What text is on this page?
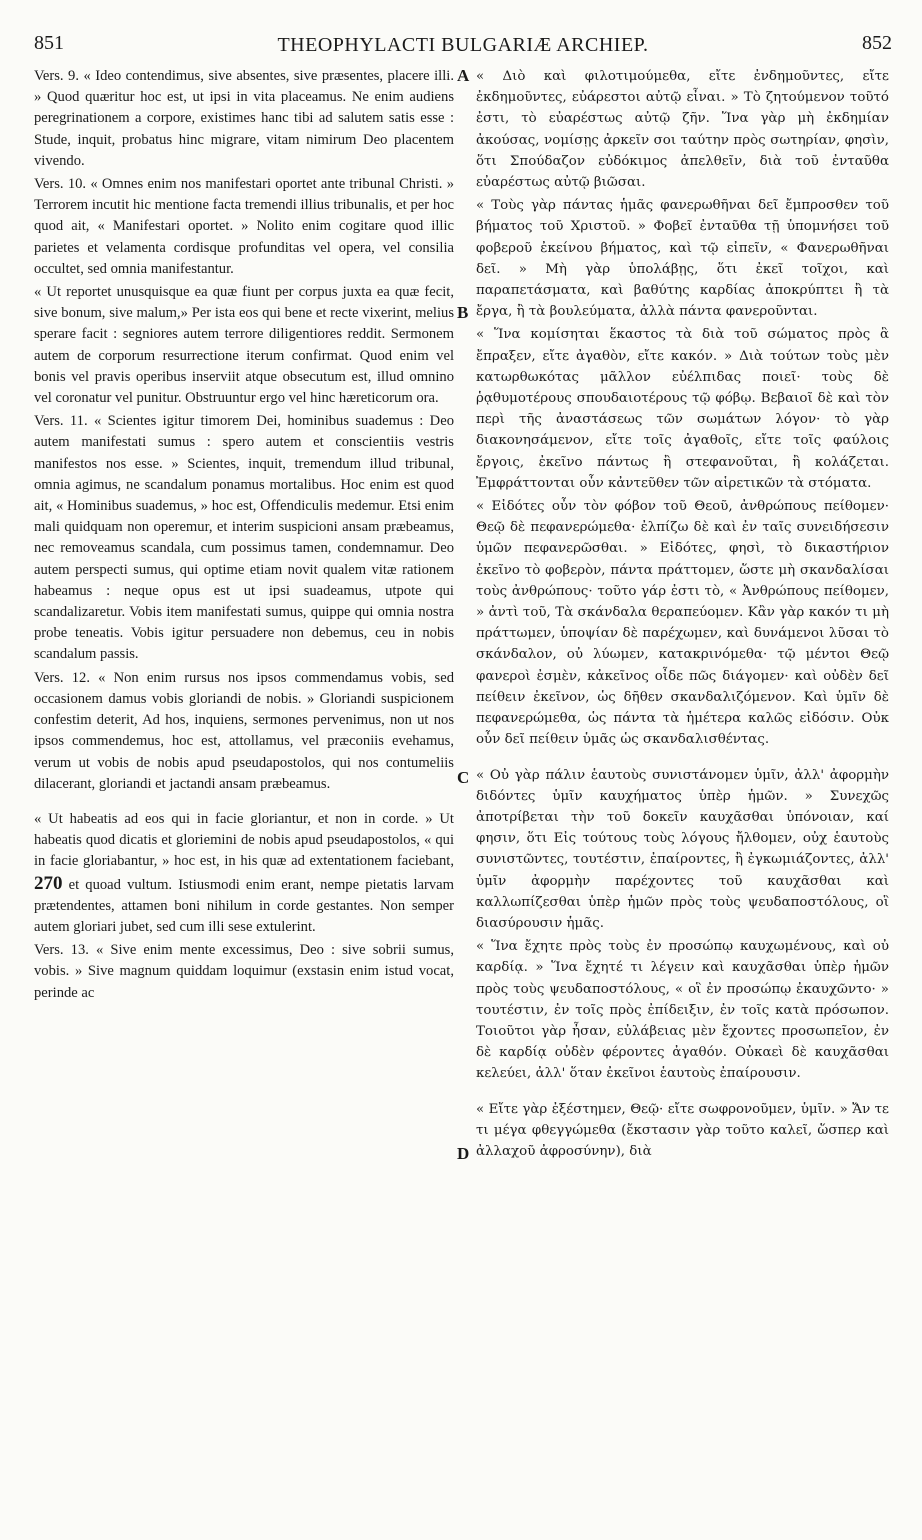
851	THEOPHYLACTI BULGARIÆ ARCHIEP.	852
A
B
C
D

Vers. 9. « Ideo contendimus, sive absentes, sive præsentes, placere illi. » Quod quæritur hoc est, ut ipsi in vita placeamus. Ne enim audiens peregrinationem a corpore, existimes hanc tibi ad salutem satis esse : Stude, inquit, probatus hinc migrare, vitam nimirum Deo placentem vivendo.

Vers. 10. « Omnes enim nos manifestari oportet ante tribunal Christi. » Terrorem incutit hic mentione facta tremendi illius tribunalis, et per hoc quod ait, « Manifestari oportet. » Nolito enim cogitare quod illic parietes et velamenta cordisque profunditas vel opera, vel consilia occultet, sed omnia manifestantur.

« Ut reportet unusquisque ea quæ fiunt per corpus juxta ea quæ fecit, sive bonum, sive malum,» Per ista eos qui bene et recte vixerint, melius sperare facit : segniores autem terrore diligentiores reddit. Sermonem autem de corporum resurrectione iterum confirmat. Quod enim vel bonis vel pravis operibus inserviit atque obsecutum est, illud omnino vel coronatur vel punitur. Obstruuntur ergo vel hinc hæreticorum ora.

Vers. 11. « Scientes igitur timorem Dei, hominibus suademus : Deo autem manifestati sumus : spero autem et conscientiis vestris manifestos nos esse. » Scientes, inquit, tremendum illud tribunal, omnia agimus, ne scandalum ponamus mortalibus. Hoc enim est quod ait, « Hominibus suademus, » hoc est, Offendiculis medemur. Etsi enim mali quidquam non operemur, et interim suspicioni ansam præbeamus, nec removeamus scandala, cum possimus tamen, condemnamur. Deo autem perspecti sumus, qui optime etiam novit qualem vitæ rationem habeamus : neque opus est ut ipsi suadeamus, utpote qui scandalizaretur. Vobis item manifestati sumus, quippe qui omnia nostra probe teneatis. Vobis igitur persuadere non debemus, ceu in nobis scandalum passis.

Vers. 12. « Non enim rursus nos ipsos commendamus vobis, sed occasionem damus vobis gloriandi de nobis. » Gloriandi suspicionem confestim deterit, Ad hos, inquiens, sermones pervenimus, non ut nos ipsos commendemus, hoc est, attollamus, vel præconiis evehamus, verum ut vobis de nobis apud pseudapostolos, qui nos contumeliis dilacerant, gloriandi et jactandi ansam præbeamus.

« Ut habeatis ad eos qui in facie gloriantur, et non in corde. » Ut habeatis quod dicatis et gloriemini de nobis apud pseudapostolos, « qui in facie gloriabantur, » hoc est, in his quæ ad extentationem faciebant, 270 et quoad vultum. Istiusmodi enim erant, nempe pietatis larvam prætendentes, attamen boni nihilum in corde gestantes. Non semper autem gloriari jubet, sed cum illi sese extulerint.

Vers. 13. « Sive enim mente excessimus, Deo : sive sobrii sumus, vobis. » Sive magnum quiddam loquimur (exstasin enim istud vocat, perinde ac

« Διὸ καὶ φιλοτιμούμεθα, εἴτε ἐνδημοῦντες, εἴτε ἐκδημοῦντες, εὐάρεστοι αὐτῷ εἶναι. » Τὸ ζητούμενον τοῦτό ἐστι, τὸ εὐαρέστως αὐτῷ ζῆν. Ἵνα γὰρ μὴ ἐκδημίαν ἀκούσας, νομίσῃς ἀρκεῖν σοι ταύτην πρὸς σωτηρίαν, φησὶν, ὅτι Σπούδαζον εὐδόκιμος ἀπελθεῖν, διὰ τοῦ ἐνταῦθα εὐαρέστως αὐτῷ βιῶσαι.

« Τοὺς γὰρ πάντας ἡμᾶς φανερωθῆναι δεῖ ἔμπροσθεν τοῦ βήματος τοῦ Χριστοῦ. » Φοβεῖ ἐνταῦθα τῇ ὑπομνήσει τοῦ φοβεροῦ ἐκείνου βήματος, καὶ τῷ εἰπεῖν, « Φανερωθῆναι δεῖ. » Μὴ γὰρ ὑπολάβῃς, ὅτι ἐκεῖ τοῖχοι, καὶ παραπετάσματα, καὶ βαθύτης καρδίας ἀποκρύπτει ἢ τὰ ἔργα, ἢ τὰ βουλεύματα, ἀλλὰ πάντα φανεροῦνται.

« Ἵνα κομίσηται ἕκαστος τὰ διὰ τοῦ σώματος πρὸς ἃ ἔπραξεν, εἴτε ἀγαθὸν, εἴτε κακόν. » Διὰ τούτων τοὺς μὲν κατωρθωκότας μᾶλλον εὐέλπιδας ποιεῖ· τοὺς δὲ ῥᾳθυμοτέρους σπουδαιοτέρους τῷ φόβῳ. Βεβαιοῖ δὲ καὶ τὸν περὶ τῆς ἀναστάσεως τῶν σωμάτων λόγον· τὸ γὰρ διακονησάμενον, εἴτε τοῖς ἀγαθοῖς, εἴτε τοῖς φαύλοις ἔργοις, ἐκεῖνο πάντως ἢ στεφανοῦται, ἢ κολάζεται. Ἐμφράττονται οὖν κἀντεῦθεν τῶν αἱρετικῶν τὰ στόματα.

« Εἰδότες οὖν τὸν φόβον τοῦ Θεοῦ, ἀνθρώπους πείθομεν· Θεῷ δὲ πεφανερώμεθα· ἐλπίζω δὲ καὶ ἐν ταῖς συνειδήσεσιν ὑμῶν πεφανερῶσθαι. » Εἰδότες, φησὶ, τὸ δικαστήριον ἐκεῖνο τὸ φοβερὸν, πάντα πράττομεν, ὥστε μὴ σκανδαλίσαι τοὺς ἀνθρώπους· τοῦτο γάρ ἐστι τὸ, « Ἀνθρώπους πείθομεν, » ἀντὶ τοῦ, Τὰ σκάνδαλα θεραπεύομεν. Κἂν γὰρ κακόν τι μὴ πράττωμεν, ὑποψίαν δὲ παρέχωμεν, καὶ δυνάμενοι λῦσαι τὸ σκάνδαλον, οὐ λύωμεν, κατακρινόμεθα· τῷ μέντοι Θεῷ φανεροὶ ἐσμὲν, κἀκεῖνος οἶδε πῶς διάγομεν· καὶ οὐδὲν δεῖ πείθειν ἐκεῖνον, ὡς δῆθεν σκανδαλιζόμενον. Καὶ ὑμῖν δὲ πεφανερώμεθα, ὡς πάντα τὰ ἡμέτερα καλῶς εἰδόσιν. Οὐκ οὖν δεῖ πείθειν ὑμᾶς ὡς σκανδαλισθέντας.

« Οὐ γὰρ πάλιν ἑαυτοὺς συνιστάνομεν ὑμῖν, ἀλλ' ἀφορμὴν διδόντες ὑμῖν καυχήματος ὑπὲρ ἡμῶν. » Συνεχῶς ἀποτρίβεται τὴν τοῦ δοκεῖν καυχᾶσθαι ὑπόνοιαν, καί φησιν, ὅτι Εἰς τούτους τοὺς λόγους ἤλθομεν, οὐχ ἑαυτοὺς συνιστῶντες, τουτέστιν, ἐπαίροντες, ἢ ἐγκωμιάζοντες, ἀλλ' ὑμῖν ἀφορμὴν παρέχοντες τοῦ καυχᾶσθαι καὶ καλλωπίζεσθαι ὑπὲρ ἡμῶν πρὸς τοὺς ψευδαποστόλους, οἳ διασύρουσιν ἡμᾶς.

« Ἵνα ἔχητε πρὸς τοὺς ἐν προσώπῳ καυχωμένους, καὶ οὐ καρδίᾳ. » Ἵνα ἔχητέ τι λέγειν καὶ καυχᾶσθαι ὑπὲρ ἡμῶν πρὸς τοὺς ψευδαποστόλους, « οἳ ἐν προσώπῳ ἐκαυχῶντο· » τουτέστιν, ἐν τοῖς πρὸς ἐπίδειξιν, ἐν τοῖς κατὰ πρόσωπον. Τοιοῦτοι γὰρ ἦσαν, εὐλάβειας μὲν ἔχοντες προσωπεῖον, ἐν δὲ καρδίᾳ οὐδὲν φέροντες ἀγαθόν. Οὐκαεὶ δὲ καυχᾶσθαι κελεύει, ἀλλ' ὅταν ἐκεῖνοι ἑαυτοὺς ἐπαίρουσιν.

« Εἴτε γὰρ ἐξέστημεν, Θεῷ· εἴτε σωφρονοῦμεν, ὑμῖν. » Ἄν τε τι μέγα φθεγγώμεθα (ἔκστασιν γὰρ τοῦτο καλεῖ, ὥσπερ καὶ ἀλλαχοῦ ἀφροσύνην), διὰ
